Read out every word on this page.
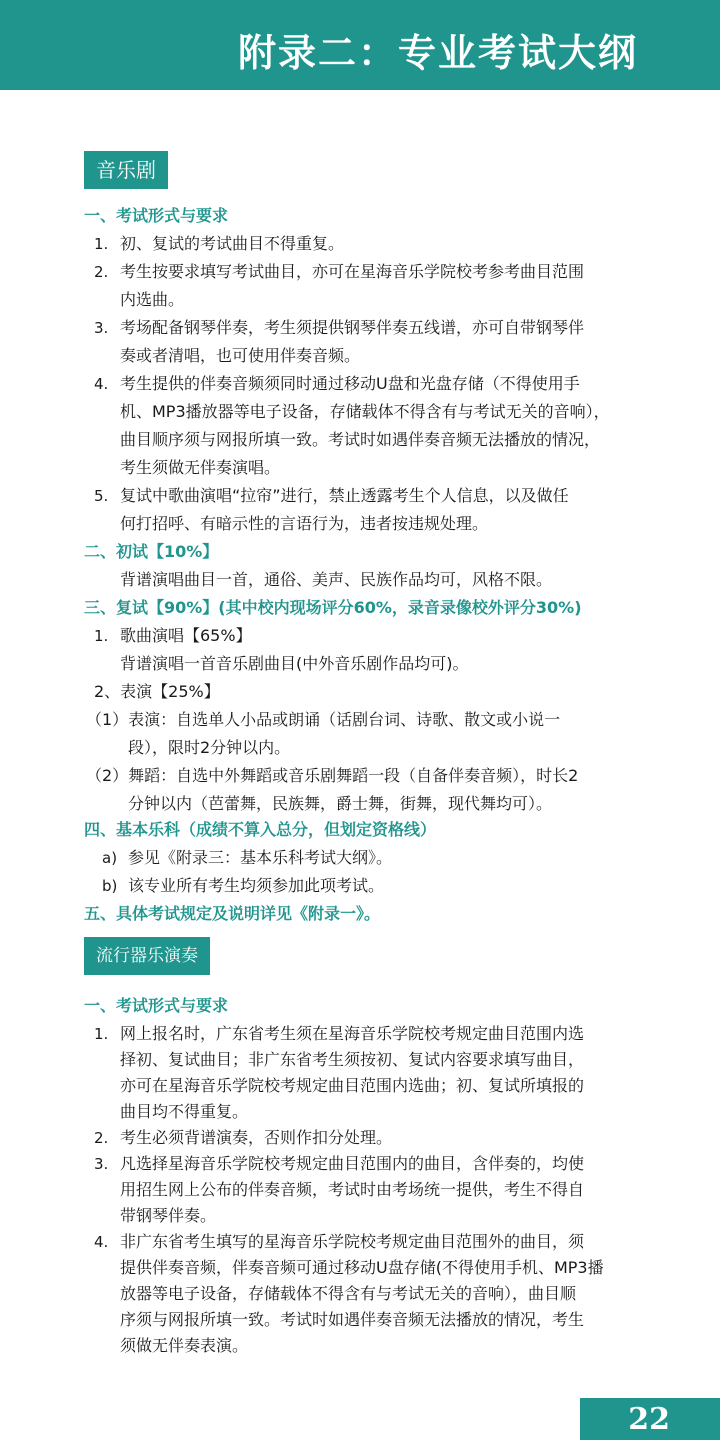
附录二：专业考试大纲
音乐剧
一、考试形式与要求
1. 初、复试的考试曲目不得重复。
2. 考生按要求填写考试曲目，亦可在星海音乐学院校考参考曲目范围
内选曲。
3. 考场配备钢琴伴奏，考生须提供钢琴伴奏五线谱，亦可自带钢琴伴
奏或者清唱，也可使用伴奏音频。
4. 考生提供的伴奏音频须同时通过移动U盘和光盘存储（不得使用手
机、MP3播放器等电子设备，存储载体不得含有与考试无关的音响），
曲目顺序须与网报所填一致。考试时如遇伴奏音频无法播放的情况，
考生须做无伴奏演唱。
5. 复试中歌曲演唱“拉帘”进行，禁止透露考生个人信息，以及做任
何打招呼、有暗示性的言语行为，违者按违规处理。
二、初试【10%】
背谱演唱曲目一首，通俗、美声、民族作品均可，风格不限。
三、复试【90%】(其中校内现场评分60%，录音录像校外评分30%)
1. 歌曲演唱【65%】
背谱演唱一首音乐剧曲目(中外音乐剧作品均可)。
2、表演【25%】
（1）表演：自选单人小品或朗诵（话剧台词、诗歌、散文或小说一
段），限时2分钟以内。
（2）舞蹈：自选中外舞蹈或音乐剧舞蹈一段（自备伴奏音频），时长2
分钟以内（芭蕾舞，民族舞，爵士舞，街舞，现代舞均可）。
四、基本乐科（成绩不算入总分，但划定资格线）
a) 参见《附录三：基本乐科考试大纲》。
b) 该专业所有考生均须参加此项考试。
五、具体考试规定及说明详见《附录一》。
流行器乐演奏
一、考试形式与要求
1. 网上报名时，广东省考生须在星海音乐学院校考规定曲目范围内选
择初、复试曲目；非广东省考生须按初、复试内容要求填写曲目，
亦可在星海音乐学院校考规定曲目范围内选曲；初、复试所填报的
曲目均不得重复。
2. 考生必须背谱演奏，否则作扣分处理。
3. 凡选择星海音乐学院校考规定曲目范围内的曲目，含伴奏的，均使
用招生网上公布的伴奏音频，考试时由考场统一提供，考生不得自
带钢琴伴奏。
4. 非广东省考生填写的星海音乐学院校考规定曲目范围外的曲目，须
提供伴奏音频，伴奏音频可通过移动U盘存储(不得使用手机、MP3播
放器等电子设备，存储载体不得含有与考试无关的音响），曲目顺
序须与网报所填一致。考试时如遇伴奏音频无法播放的情况，考生
须做无伴奏表演。
22
